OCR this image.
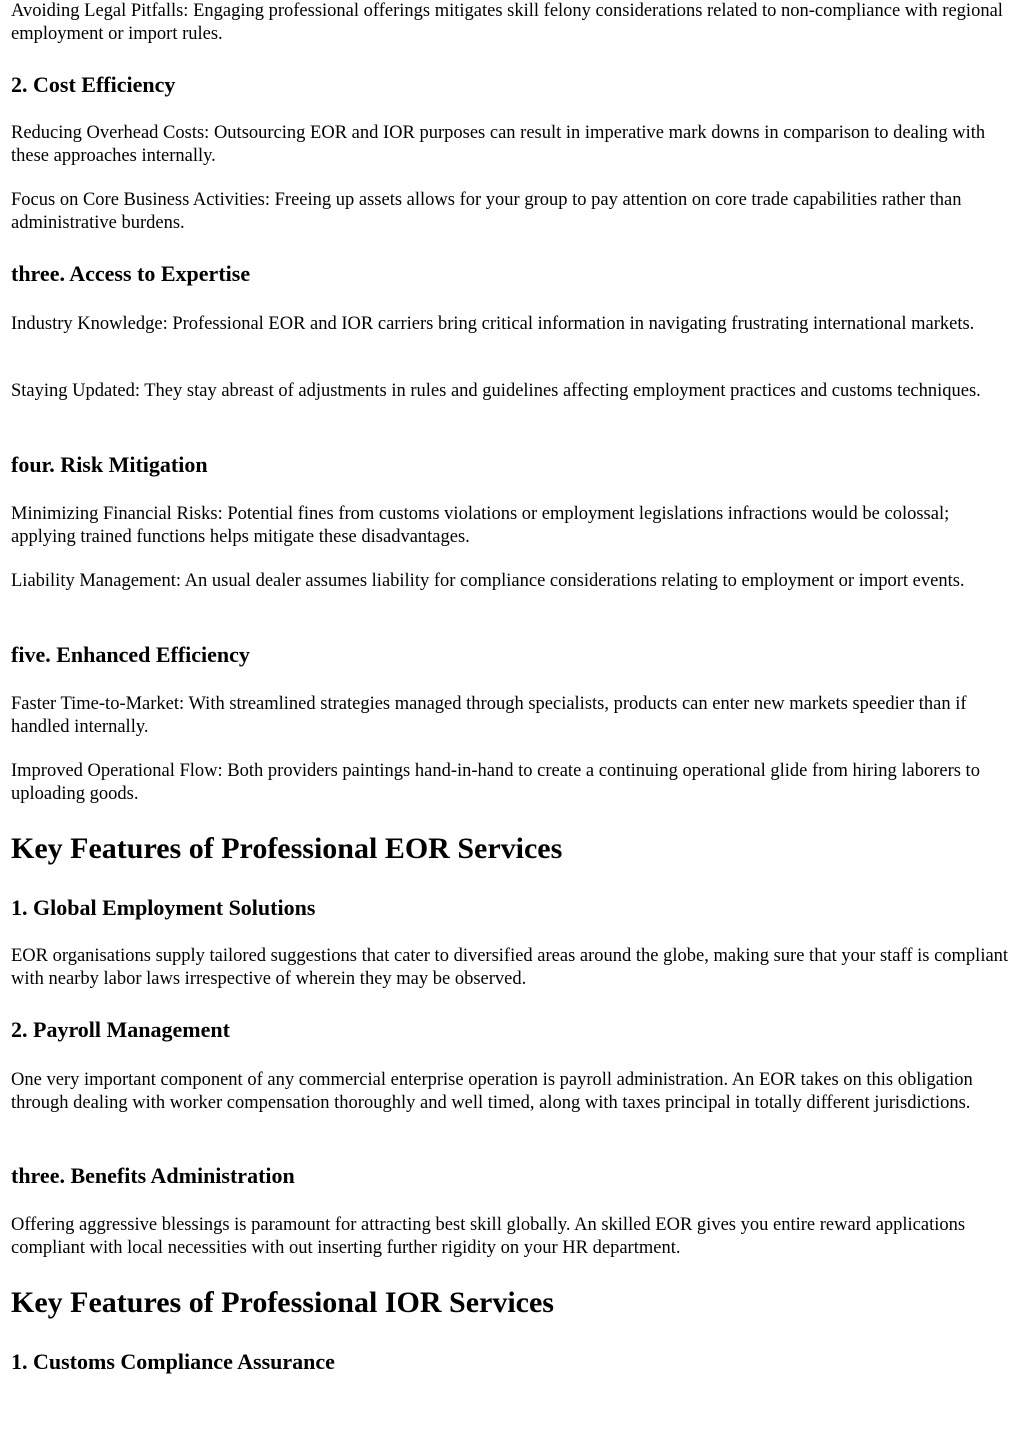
Avoiding Legal Pitfalls: Engaging professional offerings mitigates skill felony considerations related to non-compliance with regional employment or import rules.

2. Cost Efficiency

Reducing Overhead Costs: Outsourcing EOR and IOR purposes can result in imperative mark downs in comparison to dealing with these approaches internally.

Focus on Core Business Activities: Freeing up assets allows for your group to pay attention on core trade capabilities rather than administrative burdens.

three. Access to Expertise

Industry Knowledge: Professional EOR and IOR carriers bring critical information in navigating frustrating international markets.

Staying Updated: They stay abreast of adjustments in rules and guidelines affecting employment practices and customs techniques.

four. Risk Mitigation

Minimizing Financial Risks: Potential fines from customs violations or employment legislations infractions would be colossal; applying trained functions helps mitigate these disadvantages.

Liability Management: An usual dealer assumes liability for compliance considerations relating to employment or import events.

five. Enhanced Efficiency

Faster Time-to-Market: With streamlined strategies managed through specialists, products can enter new markets speedier than if handled internally.

Improved Operational Flow: Both providers paintings hand-in-hand to create a continuing operational glide from hiring laborers to uploading goods.

Key Features of Professional EOR Services
1. Global Employment Solutions

EOR organisations supply tailored suggestions that cater to diversified areas around the globe, making sure that your staff is compliant with nearby labor laws irrespective of wherein they may be observed.

2. Payroll Management

One very important component of any commercial enterprise operation is payroll administration. An EOR takes on this obligation through dealing with worker compensation thoroughly and well timed, along with taxes principal in totally different jurisdictions.

three. Benefits Administration

Offering aggressive blessings is paramount for attracting best skill globally. An skilled EOR gives you entire reward applications compliant with local necessities with out inserting further rigidity on your HR department.

Key Features of Professional IOR Services
1. Customs Compliance Assurance
